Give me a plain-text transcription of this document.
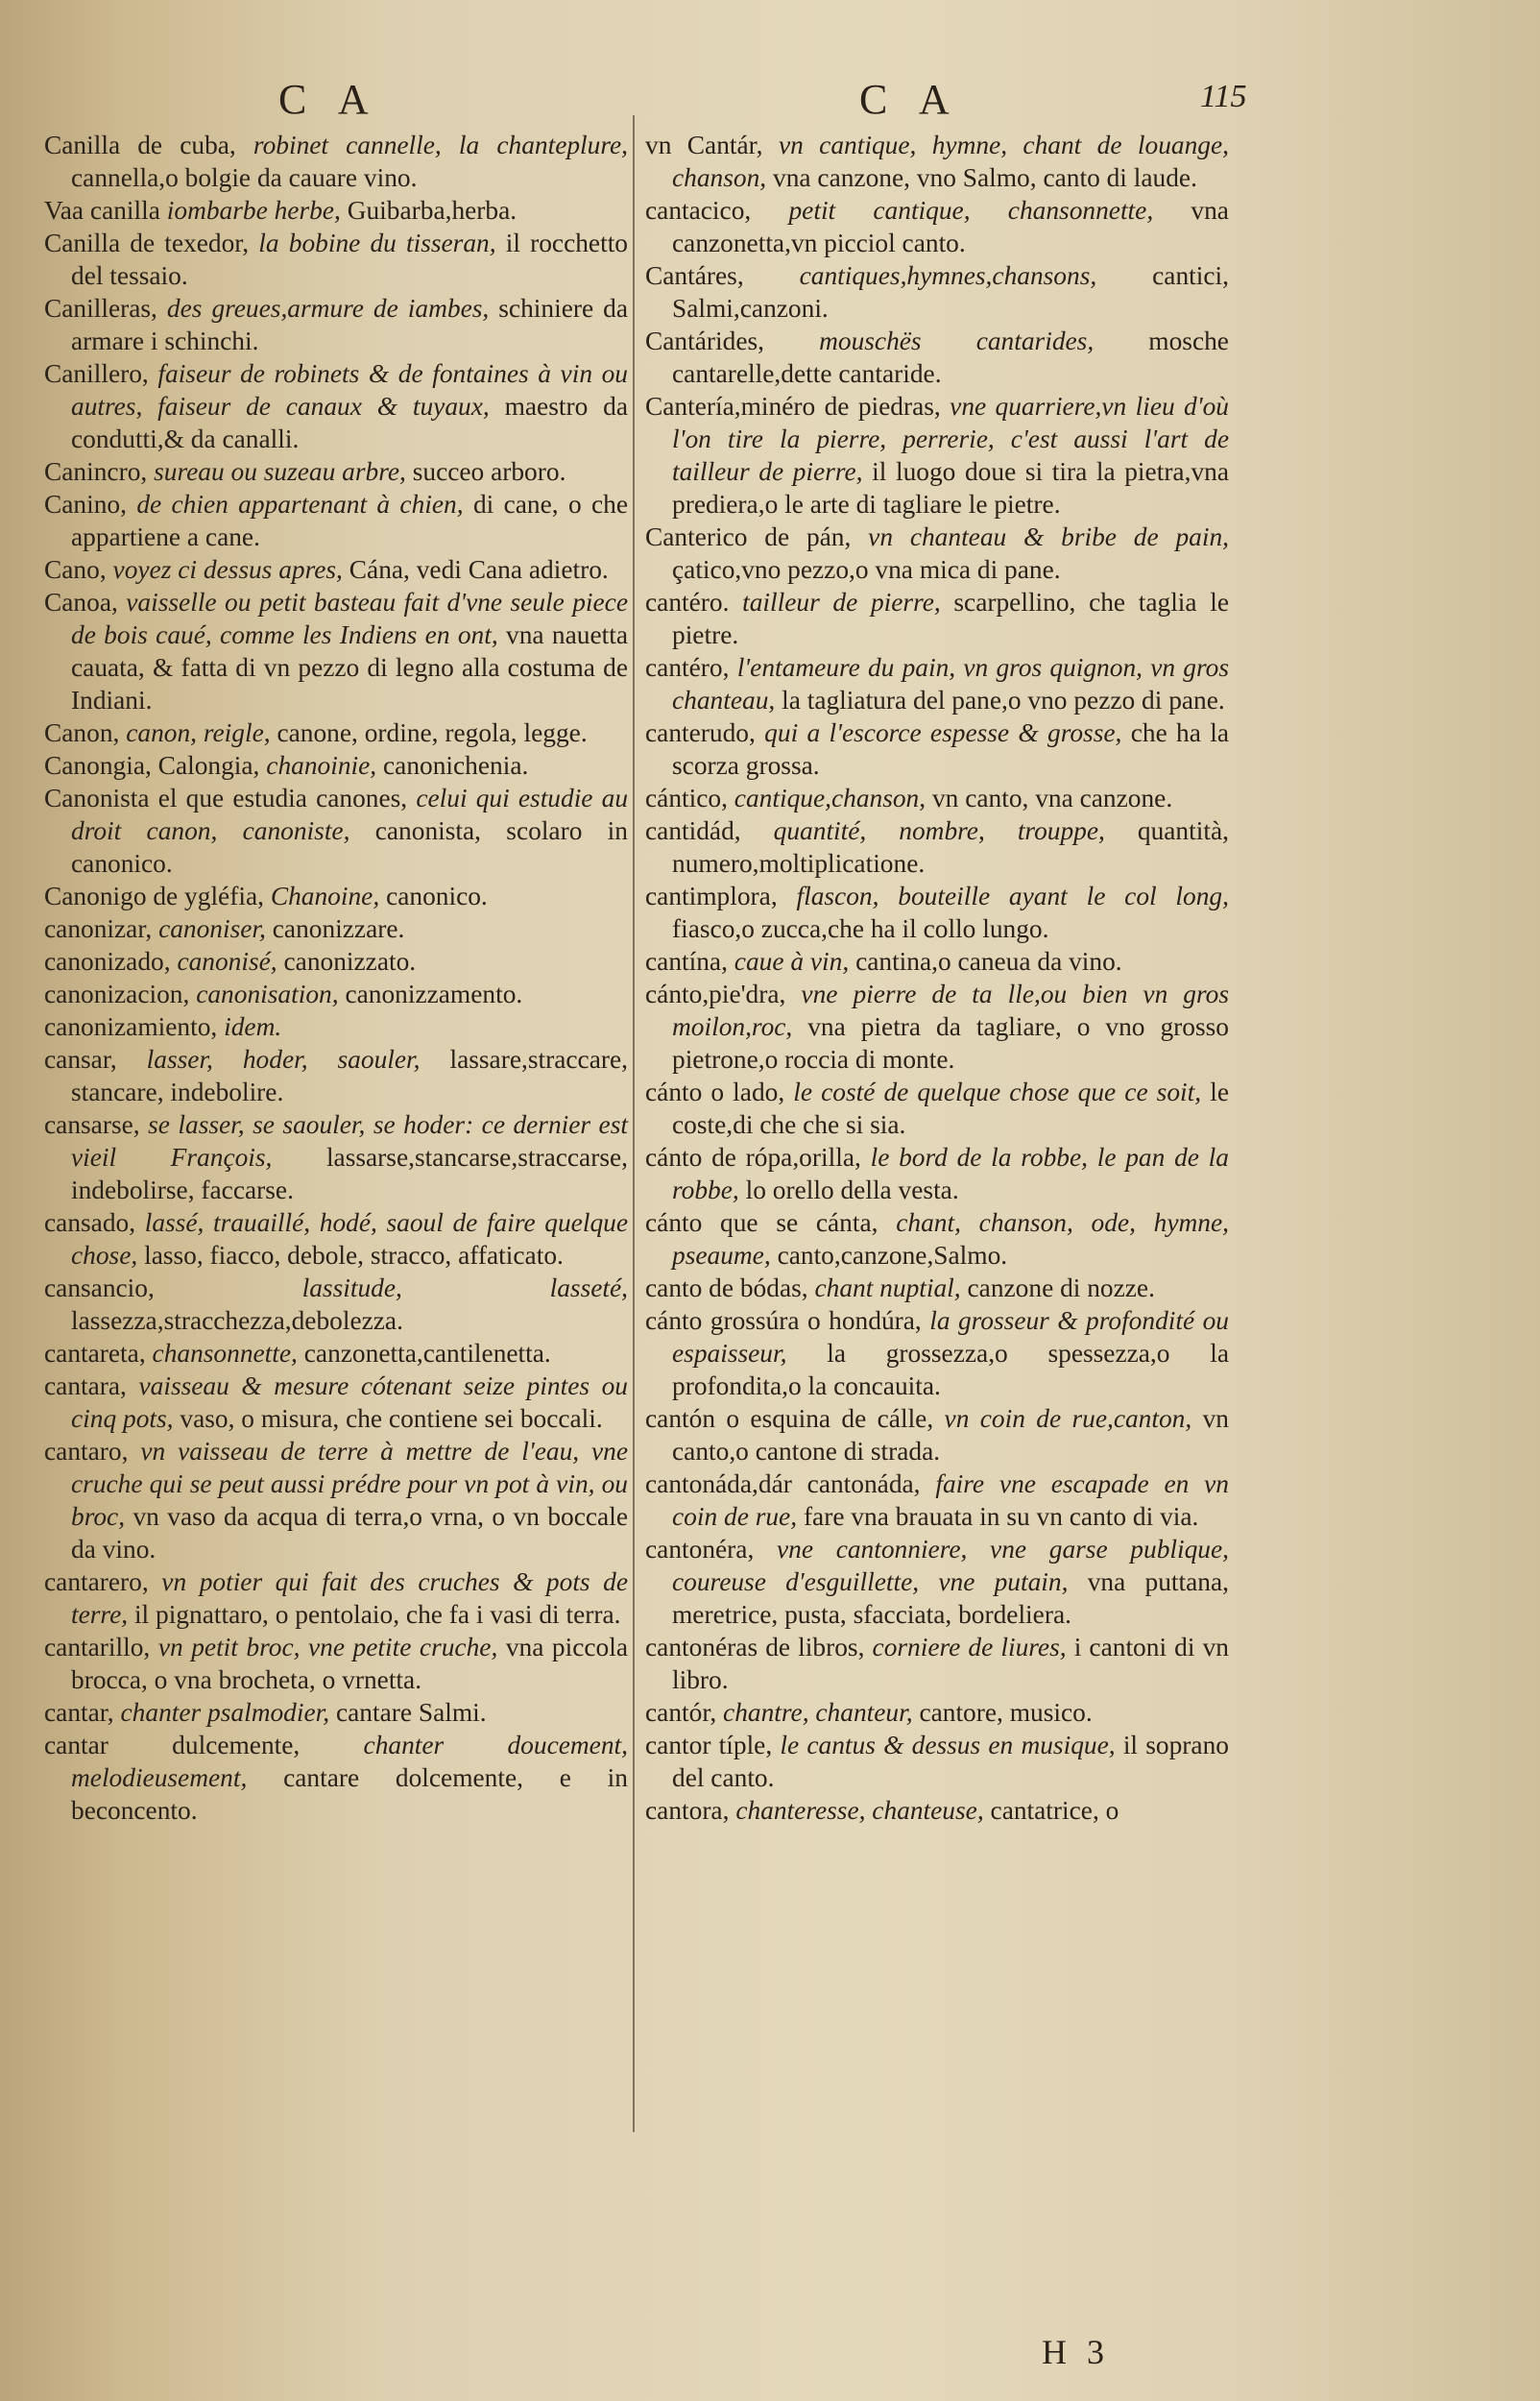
C A	C A	115

Canilla de cuba, robinet cannelle, la chanteplure, cannella,o bolgie da cauare vino.

Vaa canilla iombarbe herbe, Guibarba,herba.

Canilla de texedor, la bobine du tisseran, il rocchetto del tessaio.

Canilleras, des greues,armure de iambes, schiniere da armare i schinchi.

Canillero, faiseur de robinets & de fontaines à vin ou autres, faiseur de canaux & tuyaux, maestro da condutti,& da canalli.

Canincro, sureau ou suzeau arbre, succeo arboro.

Canino, de chien appartenant à chien, di cane, o che appartiene a cane.

Cano, voyez ci dessus apres, Cána, vedi Cana adietro.

Canoa, vaisselle ou petit basteau fait d'vne seule piece de bois caué, comme les Indiens en ont, vna nauetta cauata, & fatta di vn pezzo di legno alla costuma de Indiani.

Canon, canon, reigle, canone, ordine, regola, legge.

Canongia, Calongia, chanoinie, canonichenia.

Canonista el que estudia canones, celui qui estudie au droit canon, canoniste, canonista, scolaro in canonico.

Canonigo de ygléfia, Chanoine, canonico.

canonizar, canoniser, canonizzare.

canonizado, canonisé, canonizzato.

canonizacion, canonisation, canonizzamento.

canonizamiento, idem.

cansar, lasser, hoder, saouler, lassare,straccare, stancare, indebolire.

cansarse, se lasser, se saouler, se hoder: ce dernier est vieil François, lassarse,stancarse,straccarse, indebolirse, faccarse.

cansado, lassé, trauaillé, hodé, saoul de faire quelque chose, lasso, fiacco, debole, stracco, affaticato.

cansancio,	lassitude, lasseté, lassezza,stracchezza,debolezza.

cantareta, chansonnette, canzonetta,cantilenetta.

cantara, vaisseau & mesure cótenant seize pintes ou cinq pots, vaso, o misura, che contiene sei boccali.

cantaro, vn vaisseau de terre à mettre de l'eau, vne cruche qui se peut aussi prédre pour vn pot à vin, ou broc, vn vaso da acqua di terra,o vrna, o vn boccale da vino.

cantarero, vn potier qui fait des cruches & pots de terre, il pignattaro, o pentolaio, che fa i vasi di terra.

cantarillo, vn petit broc, vne petite cruche, vna piccola brocca, o vna brocheta, o vrnetta.

cantar, chanter psalmodier, cantare Salmi.

cantar dulcemente, chanter doucement, melodieusement, cantare dolcemente, e in beconcento.

vn Cantár, vn cantique, hymne, chant de louange, chanson, vna canzone, vno Salmo, canto di laude.

cantacico, petit cantique, chansonnette, vna canzonetta,vn picciol canto.

Cantáres, cantiques,hymnes,chansons, cantici, Salmi,canzoni.

Cantárides, mouschës cantarides, mosche cantarelle,dette cantaride.

Cantería,minéro de piedras, vne quarriere,vn lieu d'où l'on tire la pierre, perrerie, c'est aussi l'art de tailleur de pierre, il luogo doue si tira la pietra,vna prediera,o le arte di tagliare le pietre.

Canterico de pán, vn chanteau & bribe de pain, çatico,vno pezzo,o vna mica di pane.

cantéro. tailleur de pierre, scarpellino, che taglia le pietre.

cantéro, l'entameure du pain, vn gros quignon, vn gros chanteau, la tagliatura del pane,o vno pezzo di pane.

canterudo, qui a l'escorce espesse & grosse, che ha la scorza grossa.

cántico, cantique,chanson, vn canto, vna canzone.

cantidád, quantité, nombre, trouppe, quantità, numero,moltiplicatione.

cantimplora, flascon, bouteille ayant le col long, fiasco,o zucca,che ha il collo lungo.

cantína, caue à vin, cantina,o caneua da vino.

cánto,pie'dra, vne pierre de ta lle,ou bien vn gros moilon,roc, vna pietra da tagliare, o vno grosso pietrone,o roccia di monte.

cánto o lado, le costé de quelque chose que ce soit, le coste,di che che si sia.

cánto de rópa,orilla, le bord de la robbe, le pan de la robbe, lo orello della vesta.

cánto que se cánta, chant, chanson, ode, hymne, pseaume, canto,canzone,Salmo.

canto de bódas, chant nuptial, canzone di nozze.

cánto grossúra o hondúra, la grosseur & profondité ou espaisseur, la grossezza,o spessezza,o la profondita,o la concauita.

cantón o esquina de cálle, vn coin de rue,canton, vn canto,o cantone di strada.

cantonáda,dár cantonáda, faire vne escapade en vn coin de rue, fare vna brauata in su vn canto di via.

cantonéra, vne cantonniere, vne garse publique, coureuse d'esguillette, vne putain, vna puttana, meretrice, pusta, sfacciata, bordeliera.

cantonéras de libros, corniere de liures, i cantoni di vn libro.

cantór, chantre, chanteur, cantore, musico.

cantor típle, le cantus & dessus en musique, il soprano del canto.

cantora, chanteresse, chanteuse, cantatrice, o

H 3
